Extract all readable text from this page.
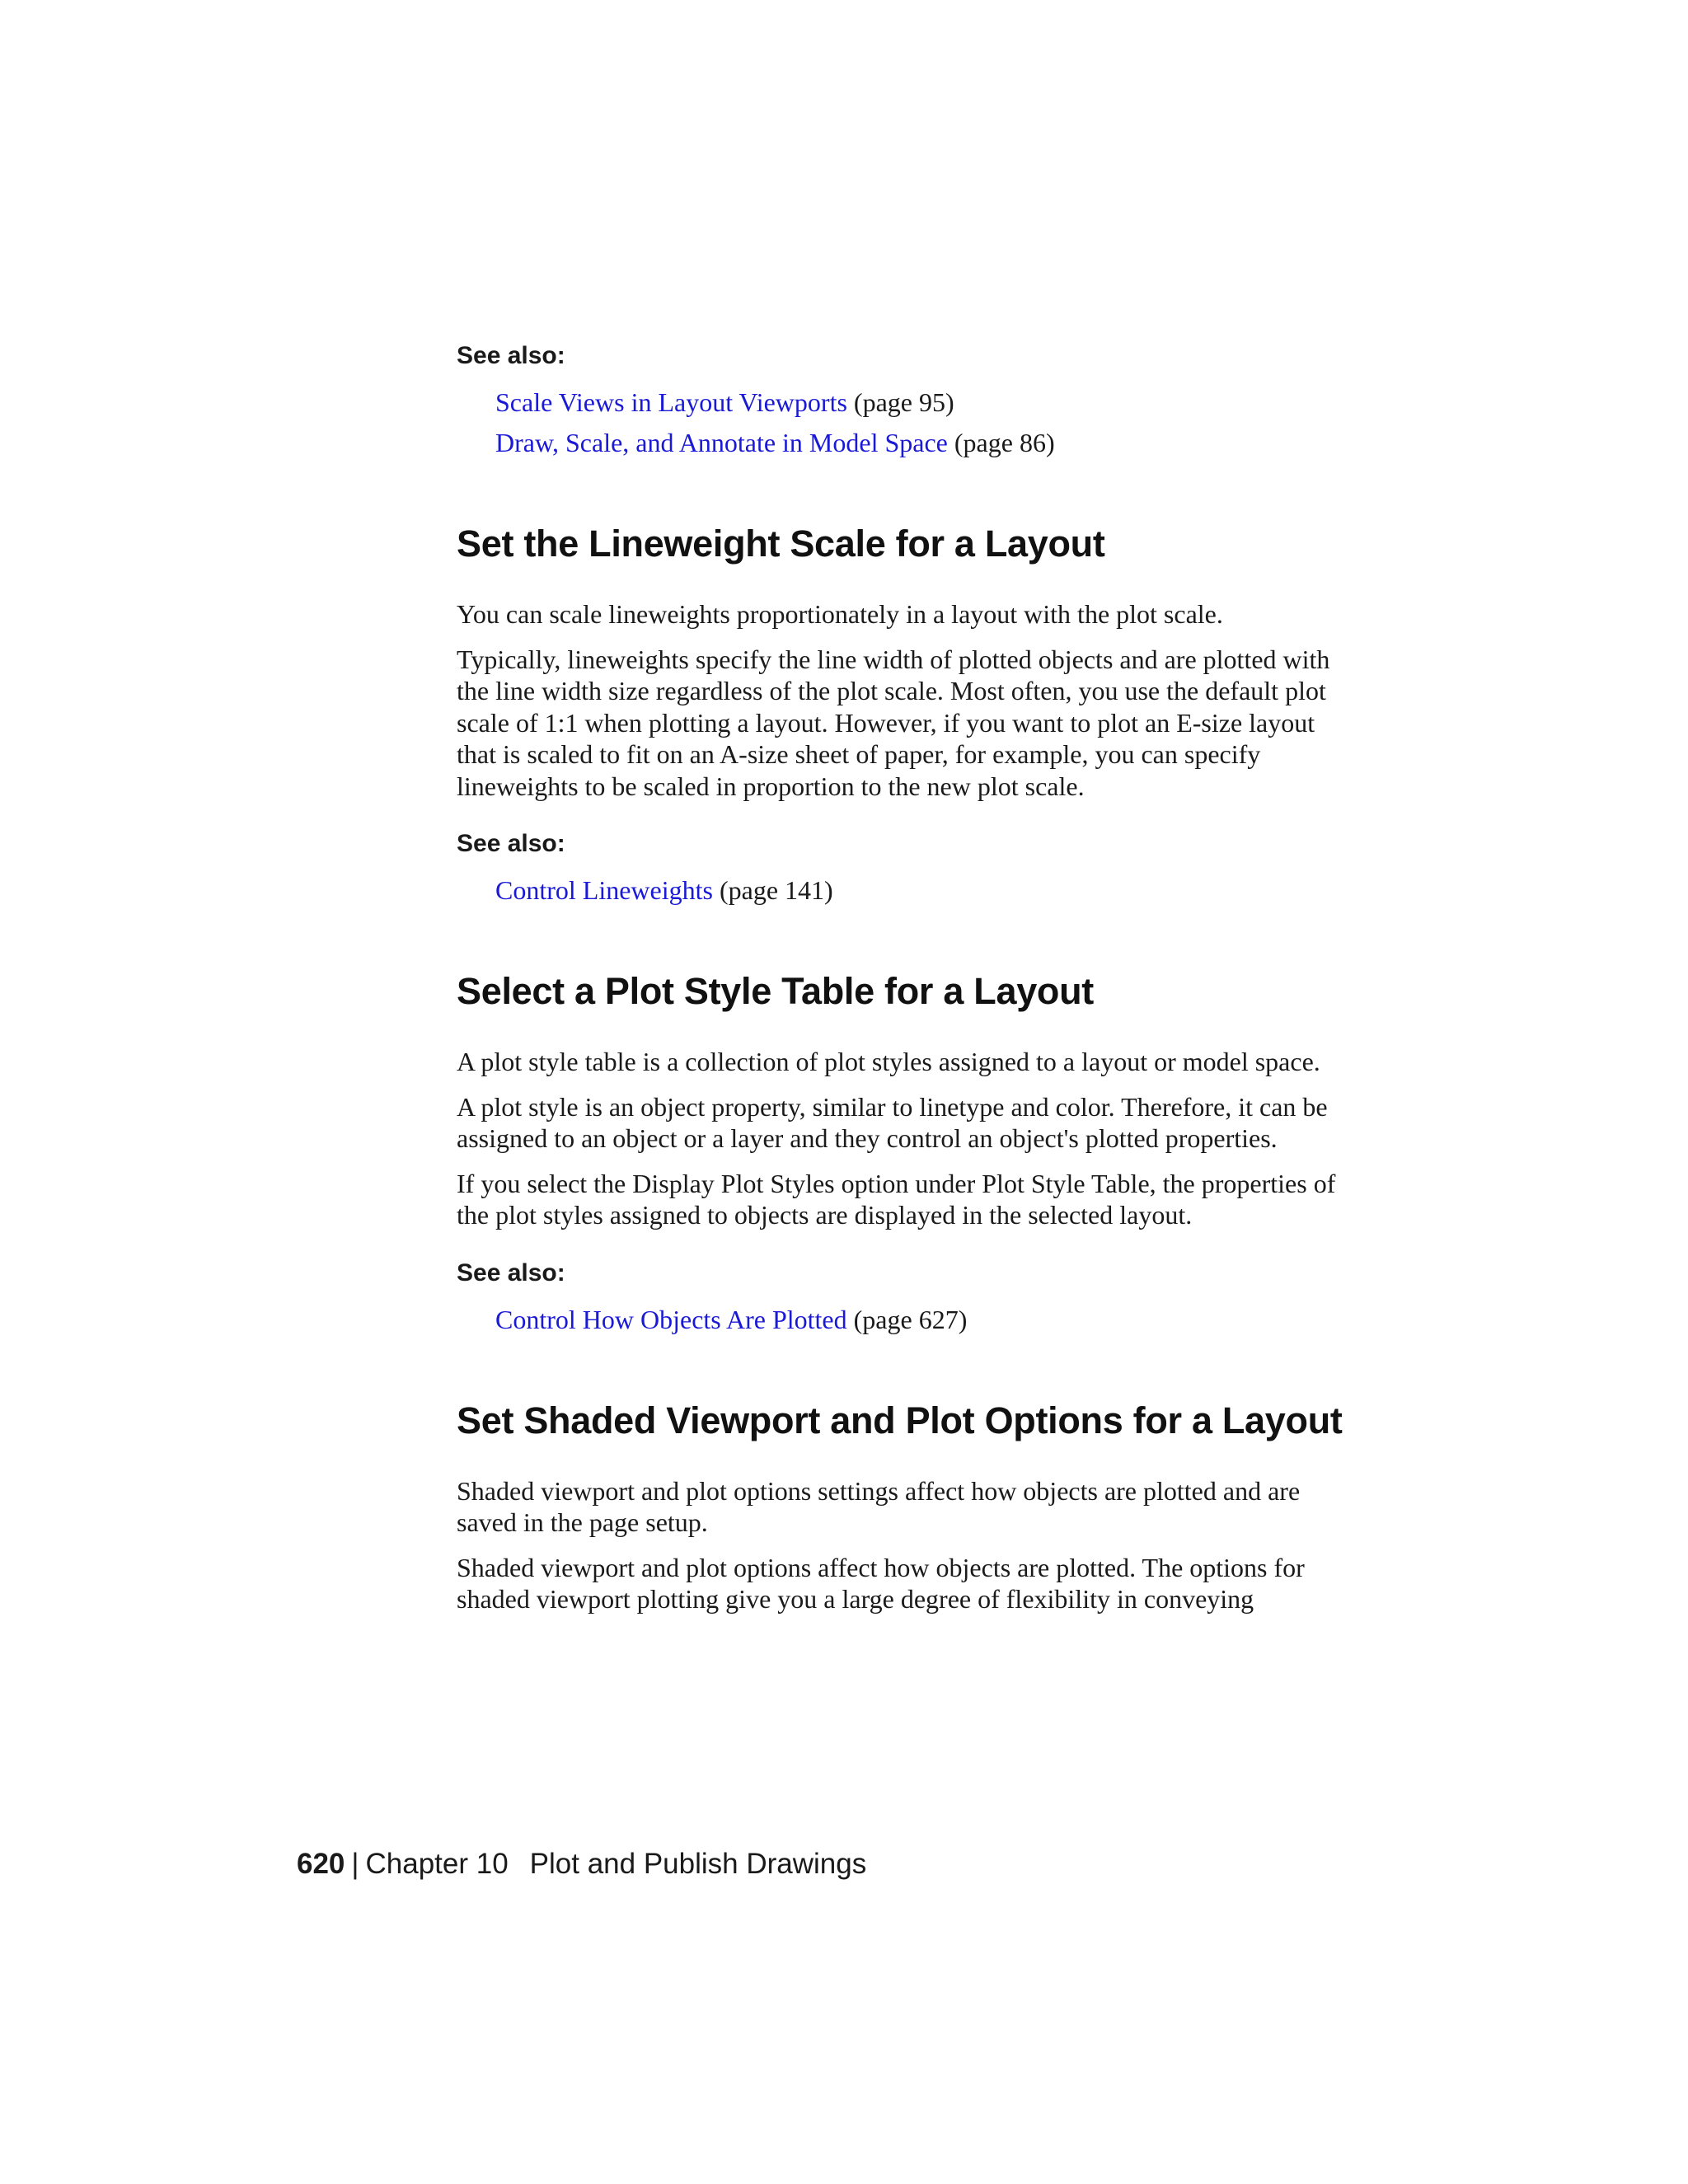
See also:
Scale Views in Layout Viewports (page 95)
Draw, Scale, and Annotate in Model Space (page 86)
Set the Lineweight Scale for a Layout

You can scale lineweights proportionately in a layout with the plot scale.

Typically, lineweights specify the line width of plotted objects and are plotted with the line width size regardless of the plot scale. Most often, you use the default plot scale of 1:1 when plotting a layout. However, if you want to plot an E-size layout that is scaled to fit on an A-size sheet of paper, for example, you can specify lineweights to be scaled in proportion to the new plot scale.

See also:
Control Lineweights (page 141)
Select a Plot Style Table for a Layout

A plot style table is a collection of plot styles assigned to a layout or model space.

A plot style is an object property, similar to linetype and color. Therefore, it can be assigned to an object or a layer and they control an object's plotted properties.

If you select the Display Plot Styles option under Plot Style Table, the properties of the plot styles assigned to objects are displayed in the selected layout.

See also:
Control How Objects Are Plotted (page 627)
Set Shaded Viewport and Plot Options for a Layout

Shaded viewport and plot options settings affect how objects are plotted and are saved in the page setup.

Shaded viewport and plot options affect how objects are plotted. The options for shaded viewport plotting give you a large degree of flexibility in conveying

620 | Chapter 10 Plot and Publish Drawings
